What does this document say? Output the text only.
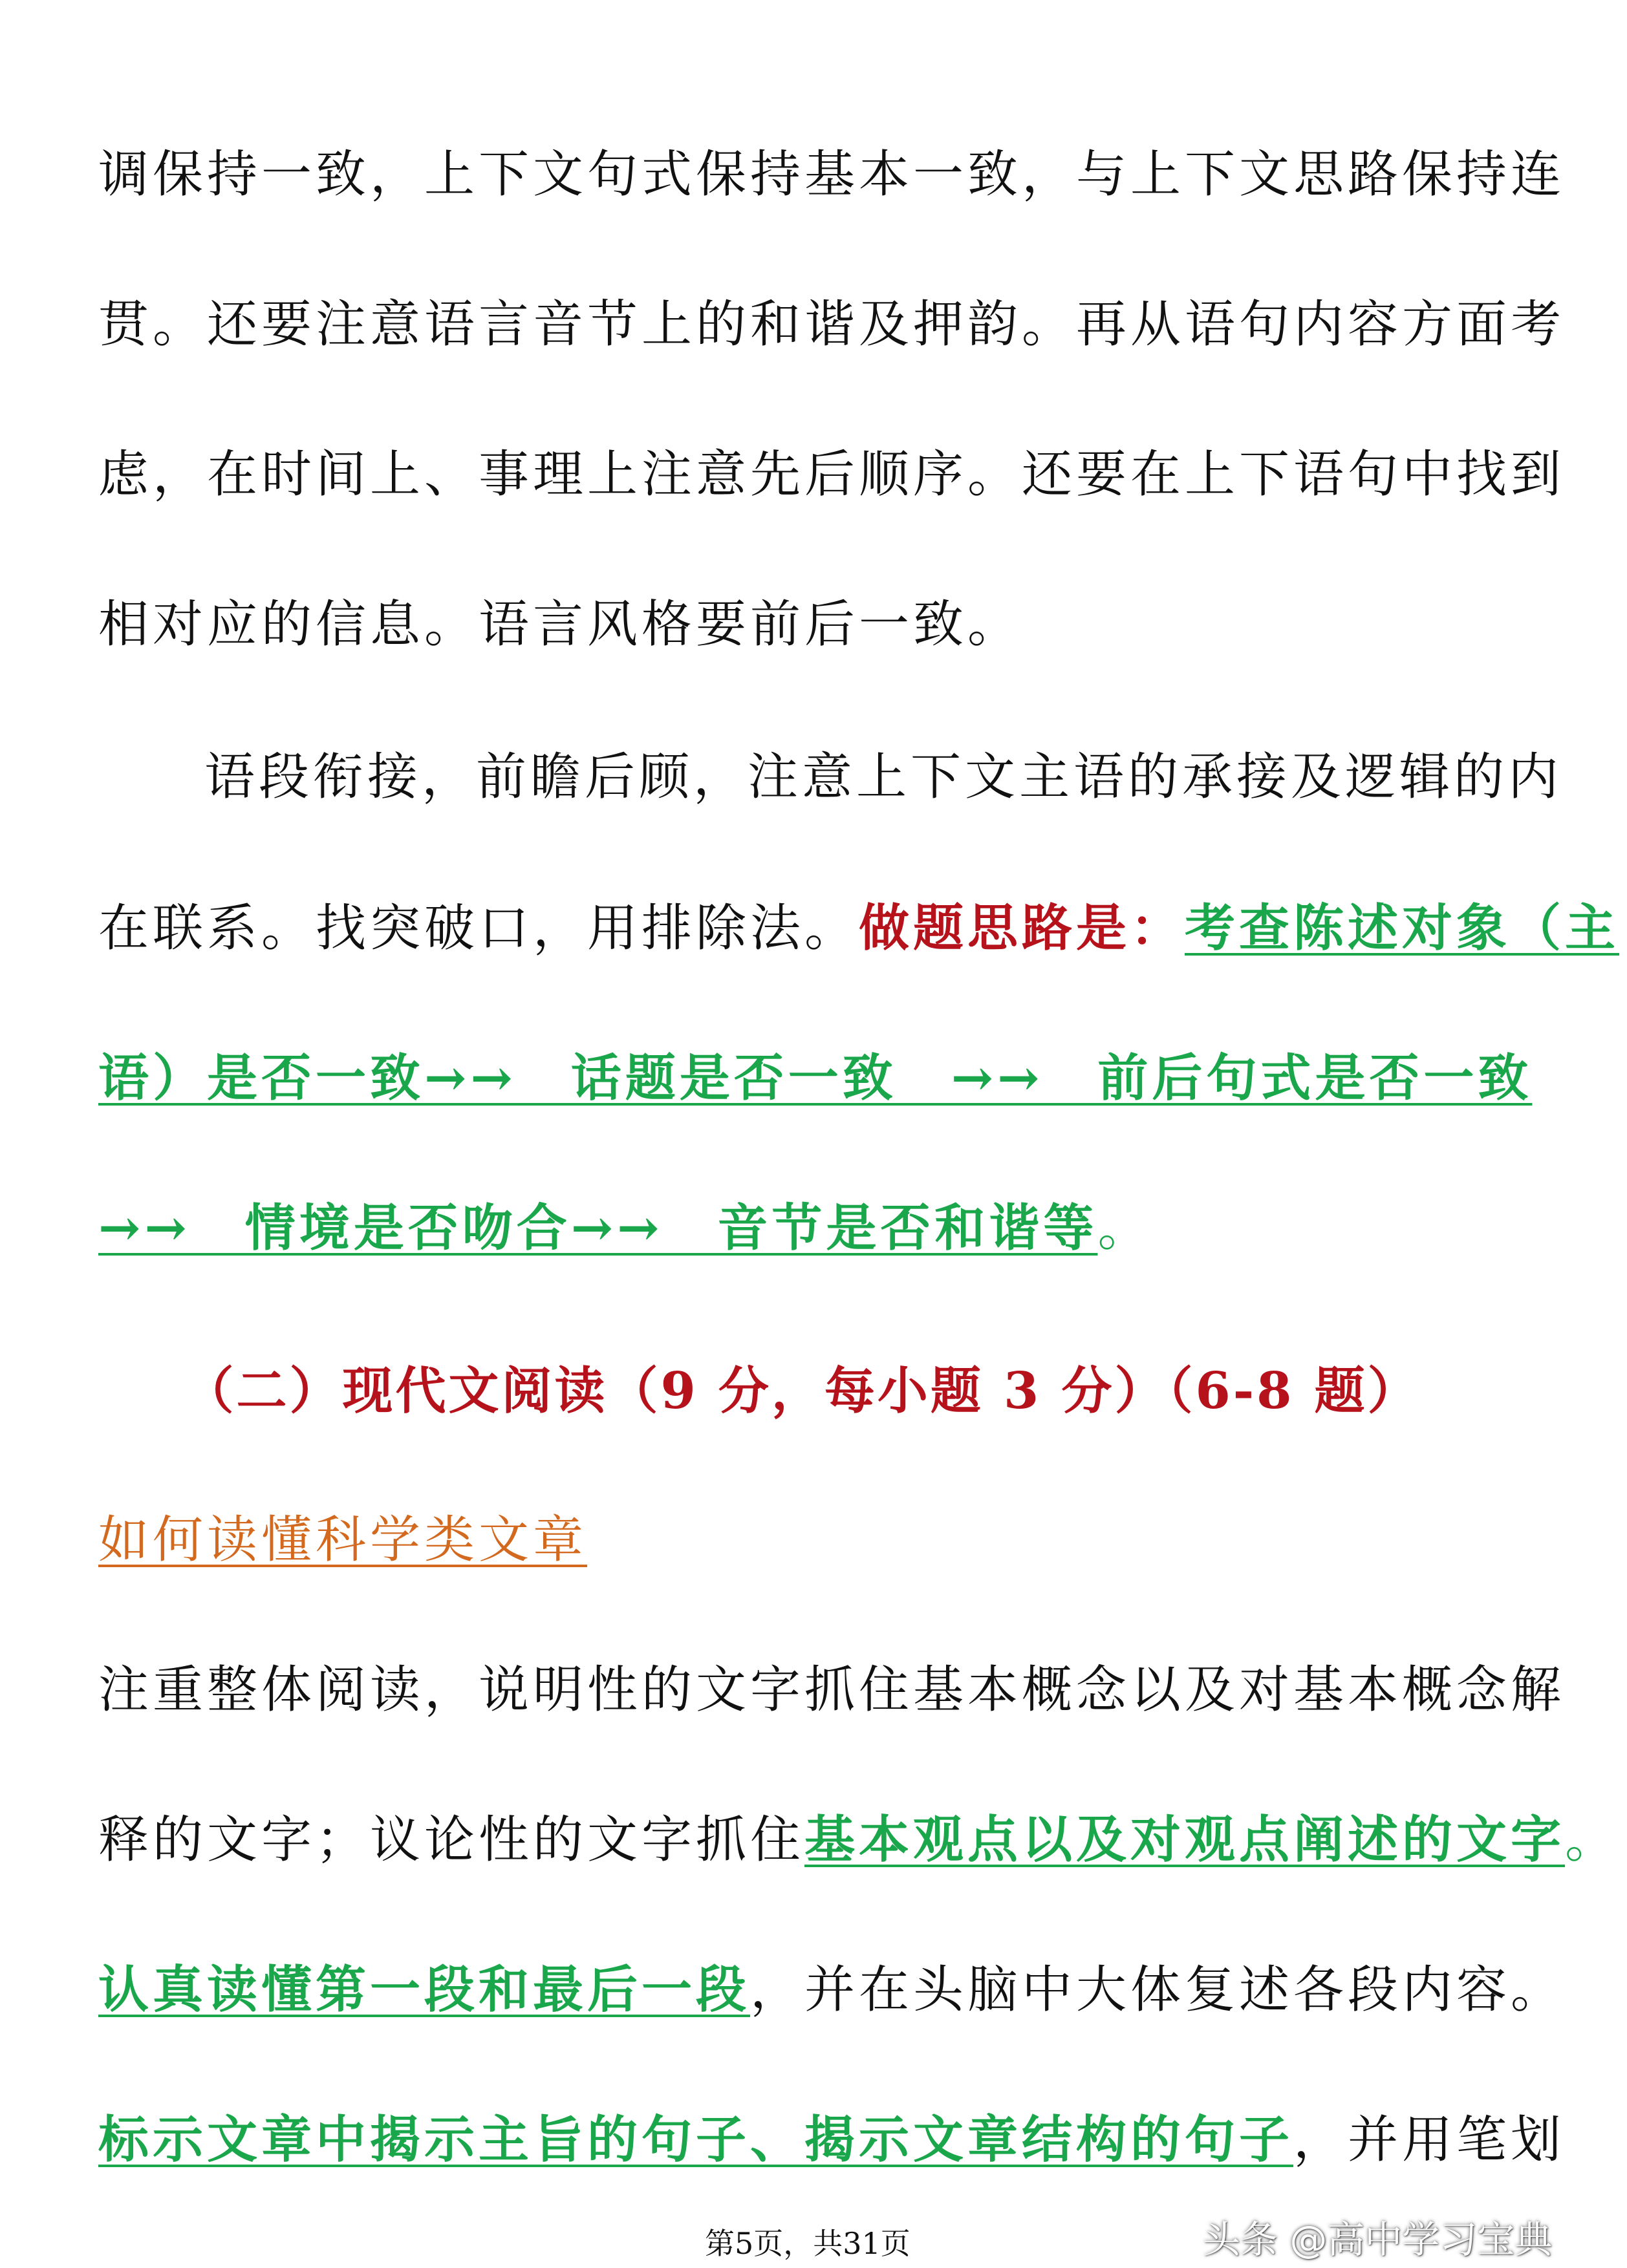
调保持一致，上下文句式保持基本一致，与上下文思路保持连
贯。还要注意语言音节上的和谐及押韵。再从语句内容方面考
虑，在时间上、事理上注意先后顺序。还要在上下语句中找到
相对应的信息。语言风格要前后一致。
语段衔接，前瞻后顾，注意上下文主语的承接及逻辑的内
在联系。找突破口，用排除法。做题思路是：考查陈述对象（主
语）是否一致→→　话题是否一致　→→　前后句式是否一致
→→　情境是否吻合→→　音节是否和谐等。
（二）现代文阅读（9 分，每小题 3 分）（6-8 题）
如何读懂科学类文章
注重整体阅读，说明性的文字抓住基本概念以及对基本概念解
释的文字；议论性的文字抓住基本观点以及对观点阐述的文字。
认真读懂第一段和最后一段，并在头脑中大体复述各段内容。
标示文章中揭示主旨的句子、揭示文章结构的句子，并用笔划
第5页，共31页	头条 @高中学习宝典
